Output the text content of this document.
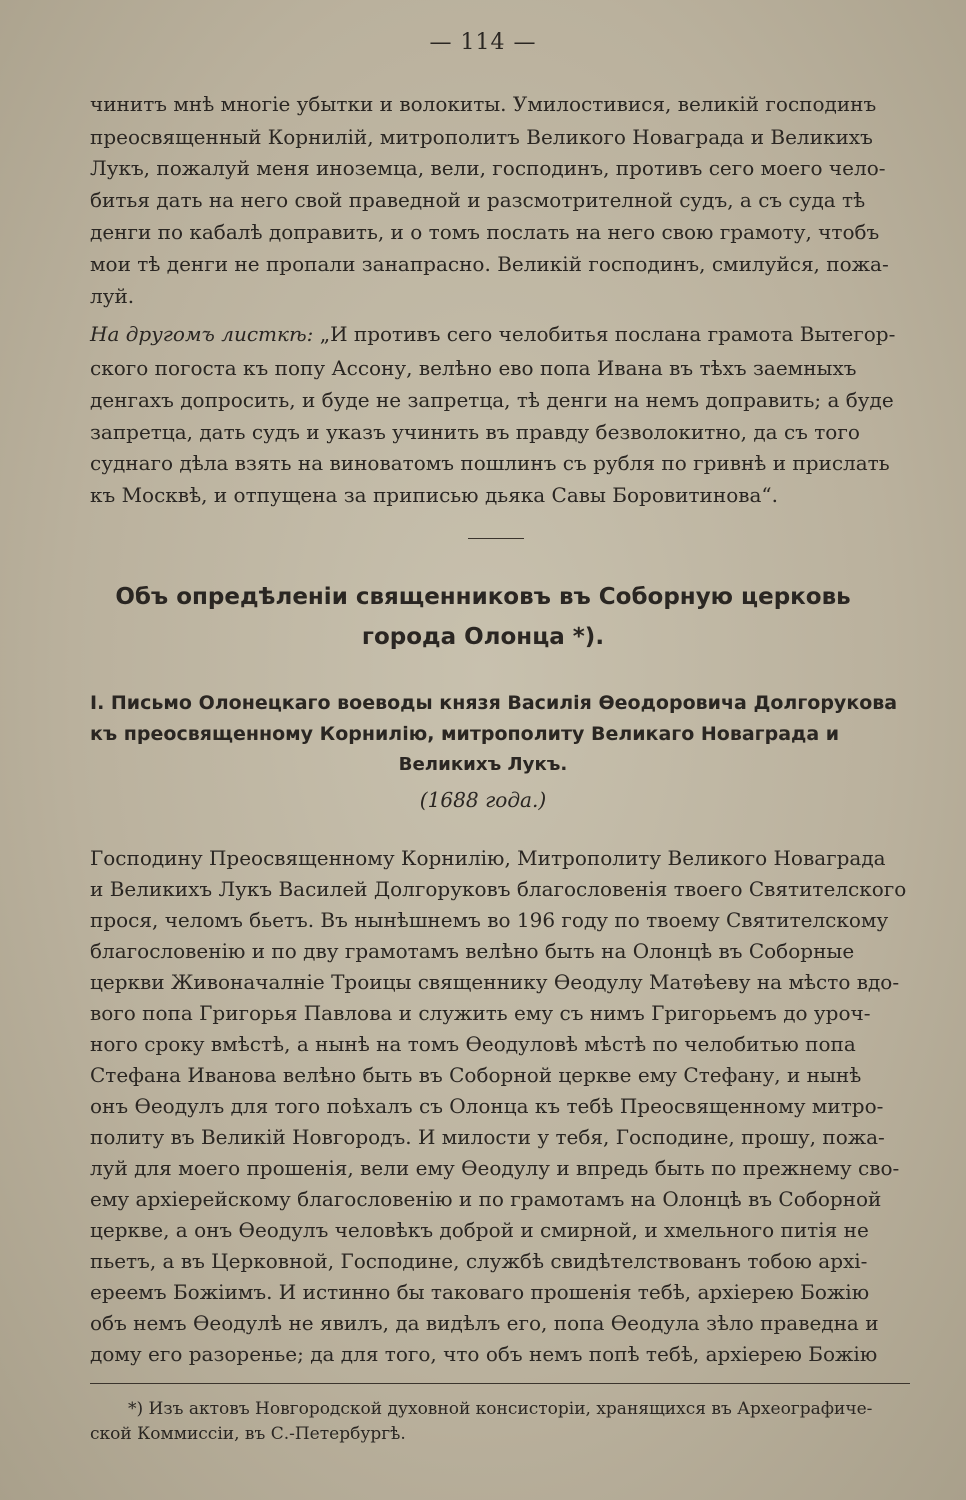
— 114 —
чинитъ мнѣ многіе убытки и волокиты. Умилостивися, великій господинъ
преосвященный Корнилій, митрополитъ Великого Новаграда и Великихъ
Лукъ, пожалуй меня иноземца, вели, господинъ, противъ сего моего чело-
битья дать на него свой праведной и разсмотрителной судъ, а съ суда тѣ
денги по кабалѣ доправить, и о томъ послать на него свою грамоту, чтобъ
мои тѣ денги не пропали занапрасно. Великій господинъ, смилуйся, пожа-
луй.
На другомъ листкѣ: „И противъ сего челобитья послана грамота Вытегор-
ского погоста къ попу Ассону, велѣно ево попа Ивана въ тѣхъ заемныхъ
денгахъ допросить, и буде не запретца, тѣ денги на немъ доправить; а буде
запретца, дать судъ и указъ учинить въ правду безволокитно, да съ того
суднаго дѣла взять на виноватомъ пошлинъ съ рубля по гривнѣ и прислать
къ Москвѣ, и отпущена за приписью дьяка Савы Боровитинова“.
Объ опредѣленіи священниковъ въ Соборную церковь
города Олонца *).
I. Письмо Олонецкаго воеводы князя Василія Ѳеодоровича Долгорукова
къ преосвященному Корнилію, митрополиту Великаго Новаграда и
Великихъ Лукъ.
(1688 года.)
Господину Преосвященному Корнилію, Митрополиту Великого Новаграда
и Великихъ Лукъ Василей Долгоруковъ благословенія твоего Святителского
прося, челомъ бьетъ. Въ нынѣшнемъ во 196 году по твоему Святителскому
благословенію и по дву грамотамъ велѣно быть на Олонцѣ въ Соборные
церкви Живоначалніе Троицы священнику Ѳеодулу Матѳѣеву на мѣсто вдо-
вого попа Григорья Павлова и служить ему съ нимъ Григорьемъ до уроч-
ного сроку вмѣстѣ, а нынѣ на томъ Ѳеодуловѣ мѣстѣ по челобитью попа
Стефана Иванова велѣно быть въ Соборной церкве ему Стефану, и нынѣ
онъ Ѳеодулъ для того поѣхалъ съ Олонца къ тебѣ Преосвященному митро-
политу въ Великій Новгородъ. И милости у тебя, Господине, прошу, пожа-
луй для моего прошенія, вели ему Ѳеодулу и впредь быть по прежнему сво-
ему архіерейскому благословенію и по грамотамъ на Олонцѣ въ Соборной
церкве, а онъ Ѳеодулъ человѣкъ доброй и смирной, и хмельного питія не
пьетъ, а въ Церковной, Господине, службѣ свидѣтелствованъ тобою архі-
ереемъ Божіимъ. И истинно бы таковаго прошенія тебѣ, архіерею Божію
объ немъ Ѳеодулѣ не явилъ, да видѣлъ его, попа Ѳеодула зѣло праведна и
дому его разоренье; да для того, что объ немъ попѣ тебѣ, архіерею Божію
*) Изъ актовъ Новгородской духовной консисторіи, хранящихся въ Археографиче-
ской Коммиссіи, въ С.-Петербургѣ.
